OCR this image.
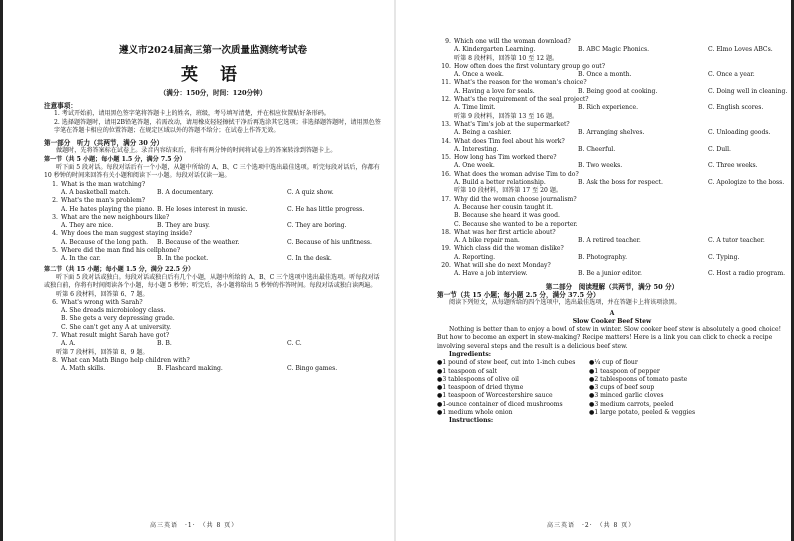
遵义市2024届高三第一次质量监测统考试卷
英 语
（满分：150分，时间：120分钟）
注意事项：
1. 考试开始前，请用黑色签字笔将答题卡上的姓名，班级，考号填写清楚，并在相应位置贴好条形码。
2. 选择题答题时，请用2B铅笔答题，若需改动，请用橡皮轻轻擦拭干净后再选涂其它选项；非选择题答题时，请用黑色签字笔在答题卡相应的位置答题；在规定区域以外的答题不给分；在试卷上作答无效。
第一部分　听力（共两节，满分 30 分）
做题时，先将答案标在试卷上。录音内容结束后，你将有两分钟的时间将试卷上的答案转涂到答题卡上。
第一节（共 5 小题；每小题 1.5 分，满分 7.5 分）
听下面 5 段对话。每段对话后有一个小题，从题中所给的 A、B、C 三个选项中选出最佳选项。听完每段对话后，你都有 10 秒钟的时间来回答有关小题和阅读下一小题。每段对话仅读一遍。
1. What is the man watching?
A. A basketball match.	B. A documentary.	C. A quiz show.
2. What's the man's problem?
A. He hates playing the piano. B. He loses interest in music.	C. He has little progress.
3. What are the new neighbours like?
A. They are nice.	B. They are busy.	C. They are boring.
4. Why does the man suggest staying inside?
A. Because of the long path.	B. Because of the weather.	C. Because of his unfitness.
5. Where did the man find his cellphone?
A. In the car.	B. In the pocket.	C. In the desk.
第二节（共 15 小题；每小题 1.5 分，满分 22.5 分）
听下面 5 段对话或独白。每段对话或独白后有几个小题，从题中所给的 A、B、C 三个选项中选出最佳选项。听每段对话或独白前，你将有时间阅读各个小题，每小题 5 秒钟；听完后，各小题将给出 5 秒钟的作答时间。每段对话或独白读两遍。
听第 6 段材料，回答第 6、7 题。
6. What's wrong with Sarah?
A. She dreads microbiology class.
B. She gets a very depressing grade.
C. She can't get any A at university.
7. What result might Sarah have got?
A. A.	B. B.	C. C.
听第 7 段材料，回答第 8、9 题。
8. What can Math Bingo help children with?
A. Math skills.	B. Flashcard making.	C. Bingo games.
高三英语　·1·　（共 8 页）
9. Which one will the woman download?
A. Kindergarten Learning.	B. ABC Magic Phonics.	C. Elmo Loves ABCs.
听第 8 段材料，回答第 10 至 12 题。
10. How often does the first voluntary group go out?
A. Once a week.	B. Once a month.	C. Once a year.
11. What's the reason for the woman's choice?
A. Having a love for seals.	B. Being good at cooking.	C. Doing well in cleaning.
12. What's the requirement of the seal project?
A. Time limit.	B. Rich experience.	C. English scores.
听第 9 段材料，回答第 13 至 16 题。
13. What's Tim's job at the supermarket?
A. Being a cashier.	B. Arranging shelves.	C. Unloading goods.
14. What does Tim feel about his work?
A. Interesting.	B. Cheerful.	C. Dull.
15. How long has Tim worked there?
A. One week.	B. Two weeks.	C. Three weeks.
16. What does the woman advise Tim to do?
A. Build a better relationship.	B. Ask the boss for respect.	C. Apologize to the boss.
听第 10 段材料，回答第 17 至 20 题。
17. Why did the woman choose journalism?
A. Because her cousin taught it.
B. Because she heard it was good.
C. Because she wanted to be a reporter.
18. What was her first article about?
A. A bike repair man.	B. A retired teacher.	C. A tutor teacher.
19. Which class did the woman dislike?
A. Reporting.	B. Photography.	C. Typing.
20. What will she do next Monday?
A. Have a job interview.	B. Be a junior editor.	C. Host a radio program.
第二部分　阅读理解（共两节，满分 50 分）
第一节（共 15 小题；每小题 2.5 分，满分 37.5 分）
阅读下列短文，从每题所给的四个选项中，选出最佳选项，并在答题卡上将该项涂黑。
A
Slow Cooker Beef Stew
Nothing is better than to enjoy a bowl of stew in winter. Slow cooker beef stew is absolutely a good choice! But how to become an expert in stew-making? Recipe matters! Here is a link you can click to check a recipe involving several steps and the result is a delicious beef stew.
Ingredients:
●1 pound of stew beef, cut into 1-inch cubes
●1 teaspoon of salt
●3 tablespoons of olive oil
●1 teaspoon of dried thyme
●1 teaspoon of Worcestershire sauce
●1-ounce container of diced mushrooms
●1 medium whole onion
●¼ cup of flour
●1 teaspoon of pepper
●2 tablespoons of tomato paste
●3 cups of beef soup
●3 minced garlic cloves
●3 medium carrots, peeled
●1 large potato, peeled & veggies
Instructions:
高三英语　·2·　（共 8 页）
